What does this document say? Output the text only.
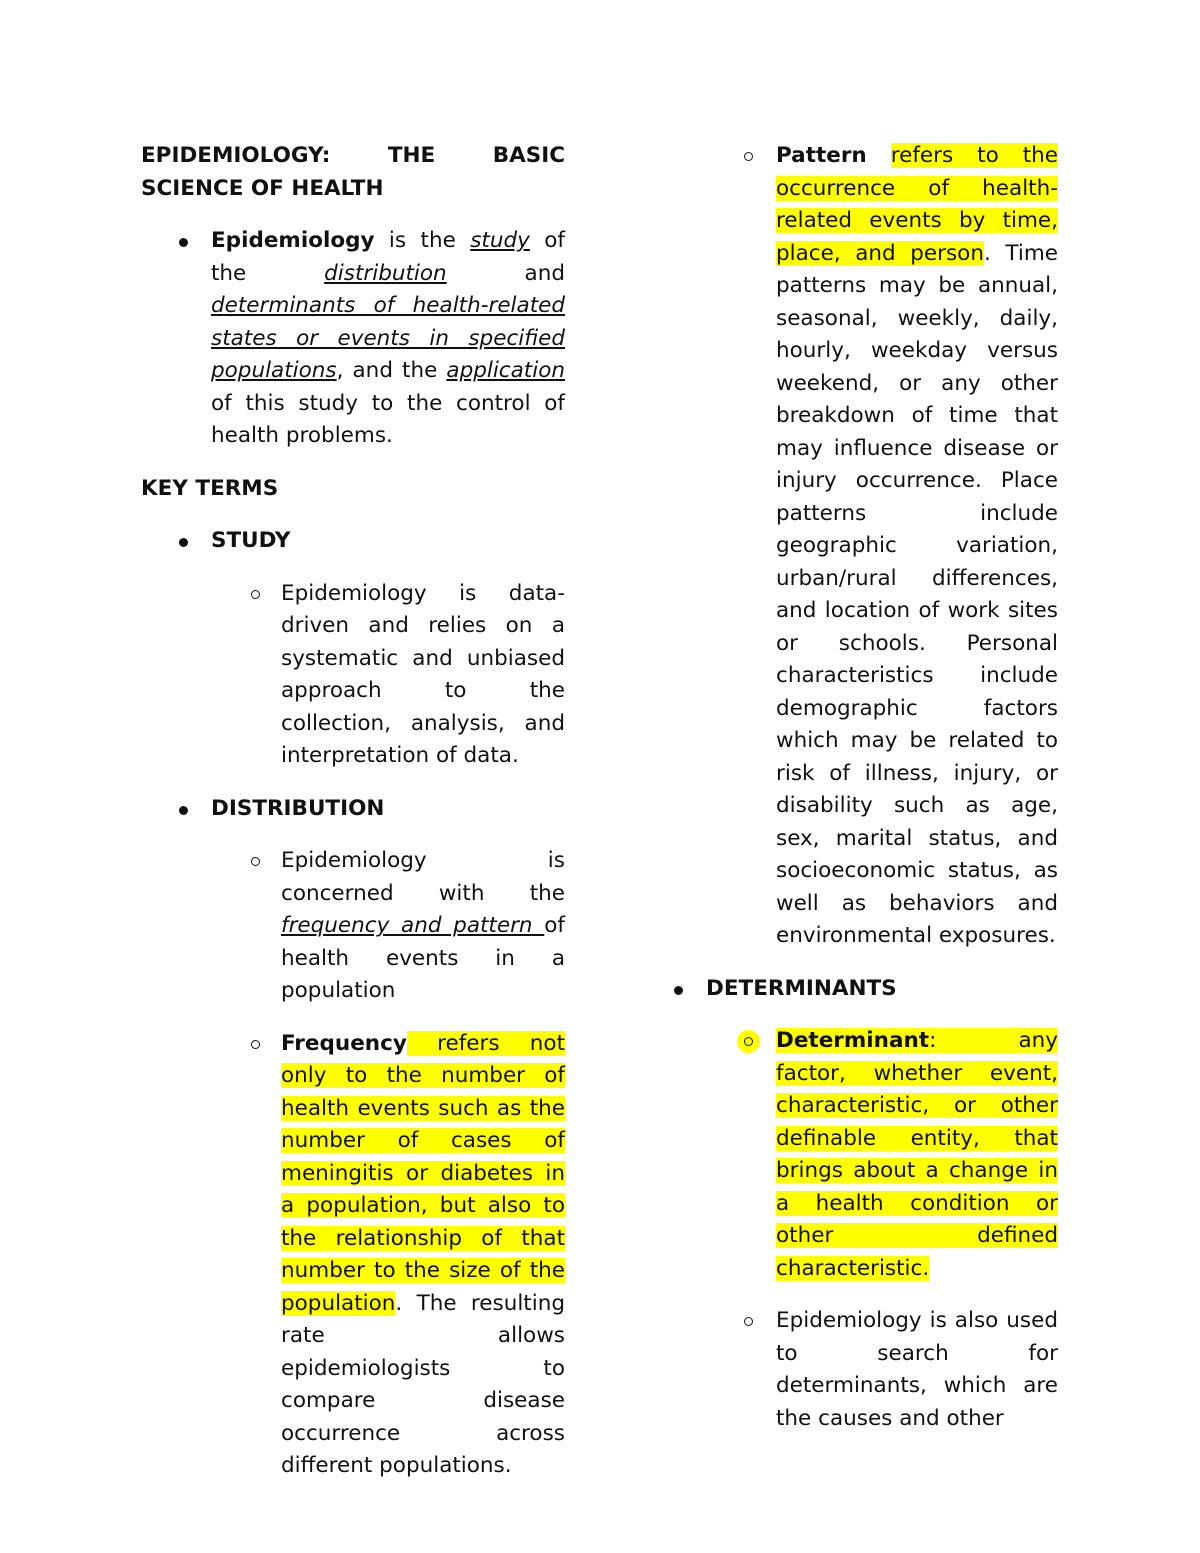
EPIDEMIOLOGY: THE BASIC SCIENCE OF HEALTH
Epidemiology is the study of the distribution and determinants of health-related states or events in specified populations, and the application of this study to the control of health problems.
KEY TERMS
STUDY
Epidemiology is data-driven and relies on a systematic and unbiased approach to the collection, analysis, and interpretation of data.
DISTRIBUTION
Epidemiology is concerned with the frequency and pattern of health events in a population
Frequency refers not only to the number of health events such as the number of cases of meningitis or diabetes in a population, but also to the relationship of that number to the size of the population. The resulting rate allows epidemiologists to compare disease occurrence across different populations.
Pattern refers to the occurrence of health-related events by time, place, and person. Time patterns may be annual, seasonal, weekly, daily, hourly, weekday versus weekend, or any other breakdown of time that may influence disease or injury occurrence. Place patterns include geographic variation, urban/rural differences, and location of work sites or schools. Personal characteristics include demographic factors which may be related to risk of illness, injury, or disability such as age, sex, marital status, and socioeconomic status, as well as behaviors and environmental exposures.
DETERMINANTS
Determinant: any factor, whether event, characteristic, or other definable entity, that brings about a change in a health condition or other defined characteristic.
Epidemiology is also used to search for determinants, which are the causes and other
